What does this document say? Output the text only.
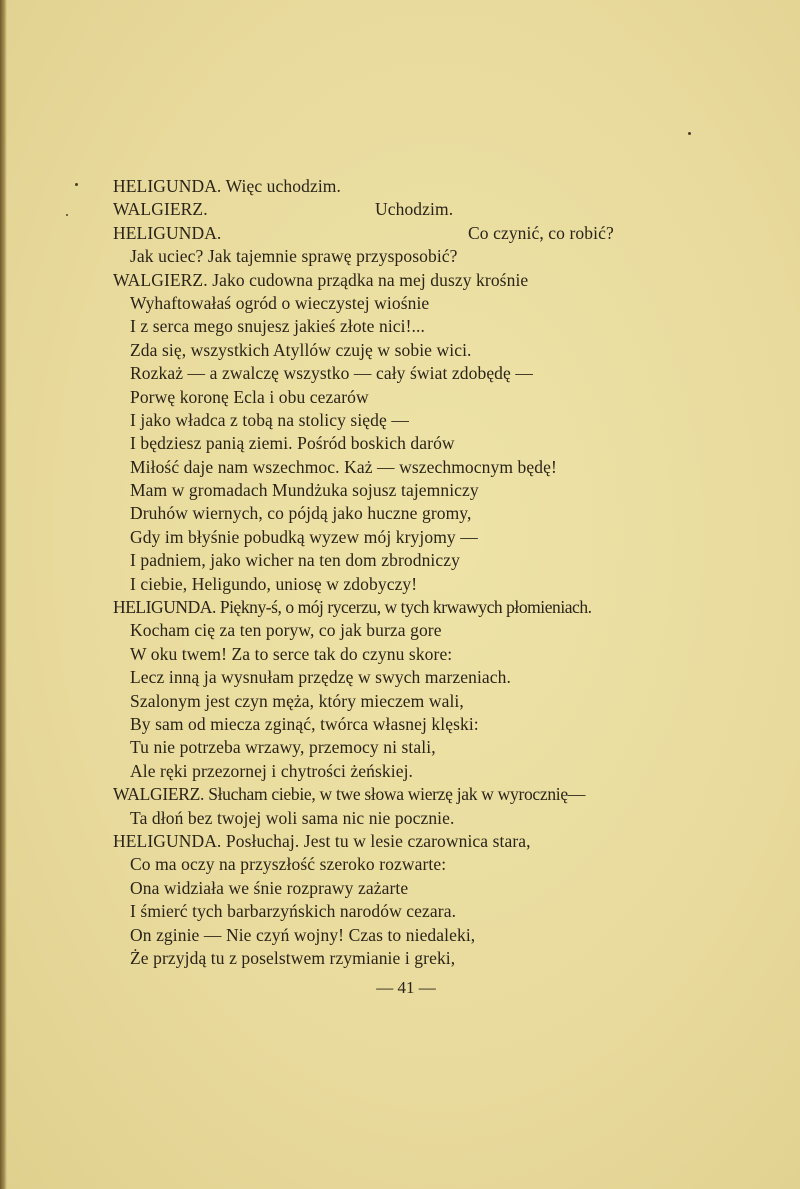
HELIGUNDA. Więc uchodzim.
WALGIERZ.	Uchodzim.
HELIGUNDA.	Co czynić, co robić?
Jak uciec? Jak tajemnie sprawę przysposobić?
WALGIERZ. Jako cudowna prządka na mej duszy krośnie
Wyhaftowałaś ogród o wieczystej wiośnie
I z serca mego snujesz jakieś złote nici!...
Zda się, wszystkich Atyllów czuję w sobie wici.
Rozkaż — a zwalczę wszystko — cały świat zdobędę —
Porwę koronę Ecla i obu cezarów
I jako władca z tobą na stolicy siędę —
I będziesz panią ziemi. Pośród boskich darów
Miłość daje nam wszechmoc. Każ — wszechmocnym będę!
Mam w gromadach Mundżuka sojusz tajemniczy
Druhów wiernych, co pójdą jako huczne gromy,
Gdy im błyśnie pobudką wyzew mój kryjomy —
I padniem, jako wicher na ten dom zbrodniczy
I ciebie, Heligundo, uniosę w zdobyczy!
HELIGUNDA. Piękny-ś, o mój rycerzu, w tych krwawych płomieniach.
Kocham cię za ten poryw, co jak burza gore
W oku twem! Za to serce tak do czynu skore:
Lecz inną ja wysnułam przędzę w swych marzeniach.
Szalonym jest czyn męża, który mieczem wali,
By sam od miecza zginąć, twórca własnej klęski:
Tu nie potrzeba wrzawy, przemocy ni stali,
Ale ręki przezornej i chytrości żeńskiej.
WALGIERZ. Słucham ciebie, w twe słowa wierzę jak w wyrocznię—
Ta dłoń bez twojej woli sama nic nie pocznie.
HELIGUNDA. Posłuchaj. Jest tu w lesie czarownica stara,
Co ma oczy na przyszłość szeroko rozwarte:
Ona widziała we śnie rozprawy zażarte
I śmierć tych barbarzyńskich narodów cezara.
On zginie — Nie czyń wojny! Czas to niedaleki,
Że przyjdą tu z poselstwem rzymianie i greki,
— 41 —
